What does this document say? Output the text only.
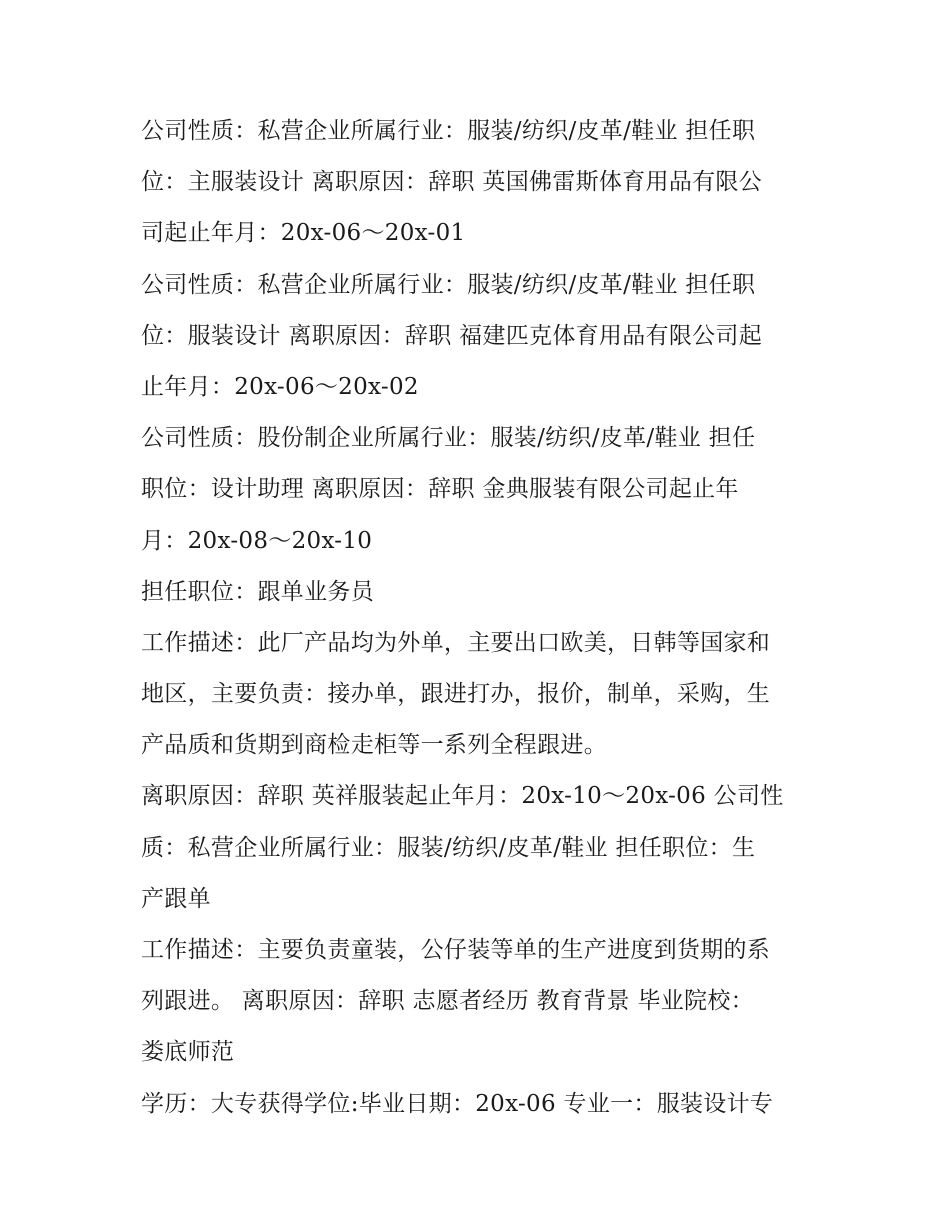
公司性质：私营企业所属行业：服装/纺织/皮革/鞋业 担任职
位：主服装设计 离职原因：辞职 英国佛雷斯体育用品有限公
司起止年月：20x-06～20x-01
公司性质：私营企业所属行业：服装/纺织/皮革/鞋业 担任职
位：服装设计 离职原因：辞职 福建匹克体育用品有限公司起
止年月：20x-06～20x-02
公司性质：股份制企业所属行业：服装/纺织/皮革/鞋业 担任
职位：设计助理 离职原因：辞职 金典服装有限公司起止年
月：20x-08～20x-10
担任职位：跟单业务员
工作描述：此厂产品均为外单，主要出口欧美，日韩等国家和
地区，主要负责：接办单，跟进打办，报价，制单，采购，生
产品质和货期到商检走柜等一系列全程跟进。
离职原因：辞职 英祥服装起止年月：20x-10～20x-06 公司性
质：私营企业所属行业：服装/纺织/皮革/鞋业 担任职位：生
产跟单
工作描述：主要负责童装，公仔装等单的生产进度到货期的系
列跟进。 离职原因：辞职 志愿者经历 教育背景 毕业院校：
娄底师范
学历：大专获得学位:毕业日期：20x-06 专业一：服装设计专
